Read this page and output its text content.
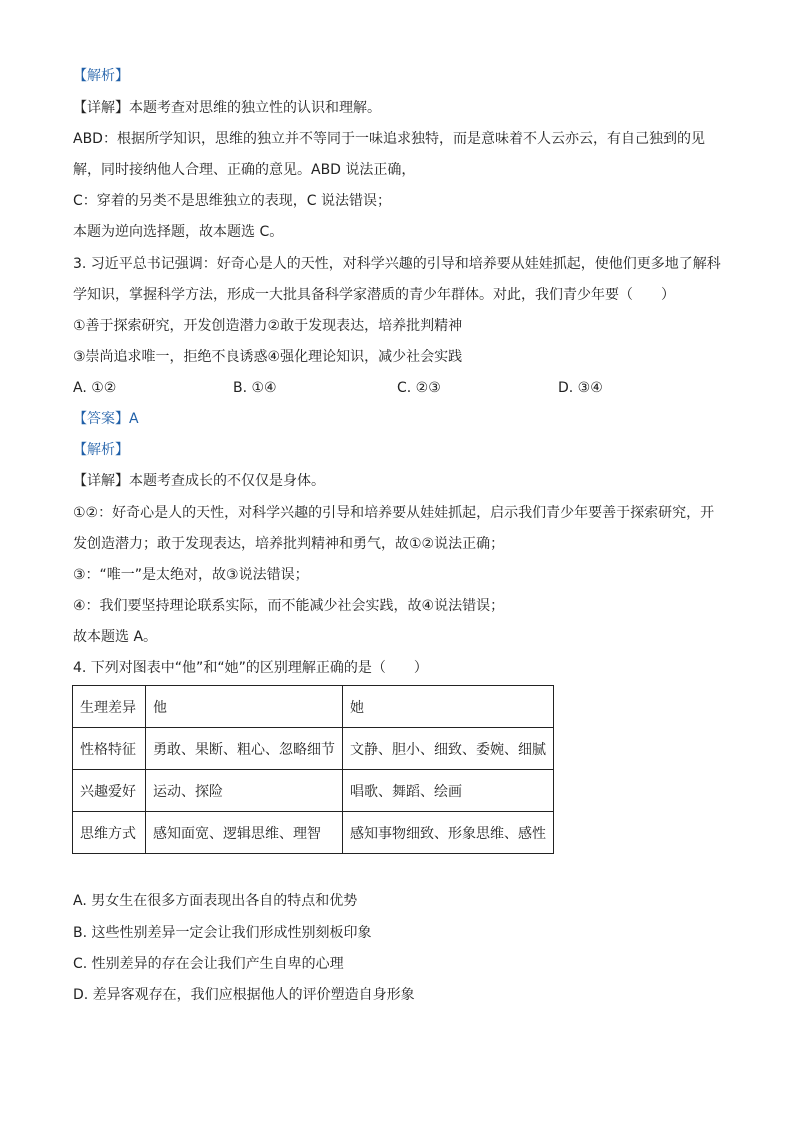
【解析】
【详解】本题考查对思维的独立性的认识和理解。
ABD：根据所学知识，思维的独立并不等同于一味追求独特，而是意味着不人云亦云，有自己独到的见
解，同时接纳他人合理、正确的意见。ABD 说法正确，
C：穿着的另类不是思维独立的表现，C 说法错误；
本题为逆向选择题，故本题选 C。
3. 习近平总书记强调：好奇心是人的天性，对科学兴趣的引导和培养要从娃娃抓起，使他们更多地了解科
学知识，掌握科学方法，形成一大批具备科学家潜质的青少年群体。对此，我们青少年要（　　）
①善于探索研究，开发创造潜力②敢于发现表达，培养批判精神
③崇尚追求唯一，拒绝不良诱惑④强化理论知识，减少社会实践
A. ①②	B. ①④	C. ②③	D. ③④
【答案】A
【解析】
【详解】本题考查成长的不仅仅是身体。
①②：好奇心是人的天性，对科学兴趣的引导和培养要从娃娃抓起，启示我们青少年要善于探索研究，开
发创造潜力；敢于发现表达，培养批判精神和勇气，故①②说法正确；
③：“唯一”是太绝对，故③说法错误；
④：我们要坚持理论联系实际，而不能减少社会实践，故④说法错误；
故本题选 A。
4. 下列对图表中“他”和“她”的区别理解正确的是（　　）
生理差异	他	她
性格特征	勇敢、果断、粗心、忽略细节	文静、胆小、细致、委婉、细腻
兴趣爱好	运动、探险	唱歌、舞蹈、绘画
思维方式	感知面宽、逻辑思维、理智	感知事物细致、形象思维、感性
A. 男女生在很多方面表现出各自的特点和优势
B. 这些性别差异一定会让我们形成性别刻板印象
C. 性别差异的存在会让我们产生自卑的心理
D. 差异客观存在，我们应根据他人的评价塑造自身形象
